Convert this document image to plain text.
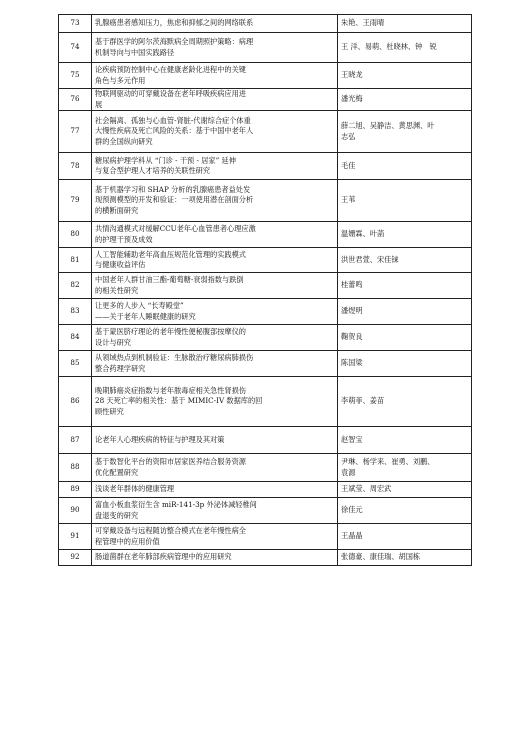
73	乳腺癌患者感知压力，焦虑和抑郁之间的网络联系	朱艳、王雨晴

74	基于群医学的阿尔茨海默病全周期照护策略：病理
机制导向与中国实践路径	王 洋、易萌、杜晓林、钟　锐

75	论疾病预防控制中心在健康老龄化进程中的关键
角色与多元作用	王晓龙

76	物联网驱动的可穿戴设备在老年呼吸疾病应用进
展	潘光梅

77	社会隔离、孤独与心血管-肾脏-代谢综合症个体重
大慢性疾病及死亡风险的关系：基于中国中老年人
群的全国纵向研究	薛二旭、吴静洁、黄思渊、叶
志弘

78	糖尿病护理学科从 “门诊 - 干预 - 居家” 延伸
与复合型护理人才培养的关联性研究	毛佳

79	基于机器学习和 SHAP 分析的乳腺癌患者益处发
现预测模型的开发和验证：一项使用潜在剖面分析
的横断面研究	王苇

80	共情沟通模式对缓解CCU老年心血管患者心理应激
的护理干预及成效	温姗霖、叶菡

81	人工智能辅助老年高血压规范化管理的实践模式
与健康收益评估	洪世君萱、宋佳铼

82	中国老年人群甘油三酯-葡萄糖-衰弱指数与跌倒
的相关性研究	桂蕾鸣

83	让更多的人步入 “长寿殿堂”
——关于老年人睡眠健康的研究	潘煜明

84	基于蒙医脐疗理论的老年慢性便秘腹部按摩仪的
设计与研究	鞠贺良

85	从领域热点到机制验证：生脉散治疗糖尿病肺损伤
整合药理学研究	陈国梁

86	晚期肺癌炎症指数与老年脓毒症相关急性肾损伤
28 天死亡率的相关性：基于 MIMIC-IV 数据库的回
顾性研究	李萌菲、姜苗

87	论老年人心理疾病的特征与护理及其对策	赵智宝

88	基于数智化平台的资阳市居家医养结合服务资源
优化配置研究	尹琳、杨学来、崔勇、刘鹏、
袁源

89	浅谈老年群体的健康管理	王斌莹、周宏武

90	富血小板血浆衍生含 miR-141-3p 外泌体减轻椎间
盘退变的研究	徐佳元

91	可穿戴设备与远程随访整合模式在老年慢性病全
程管理中的应用价值	王晶晶

92	肠道菌群在老年肺部疾病管理中的应用研究	张德豪、康佳瑞、胡国栋
